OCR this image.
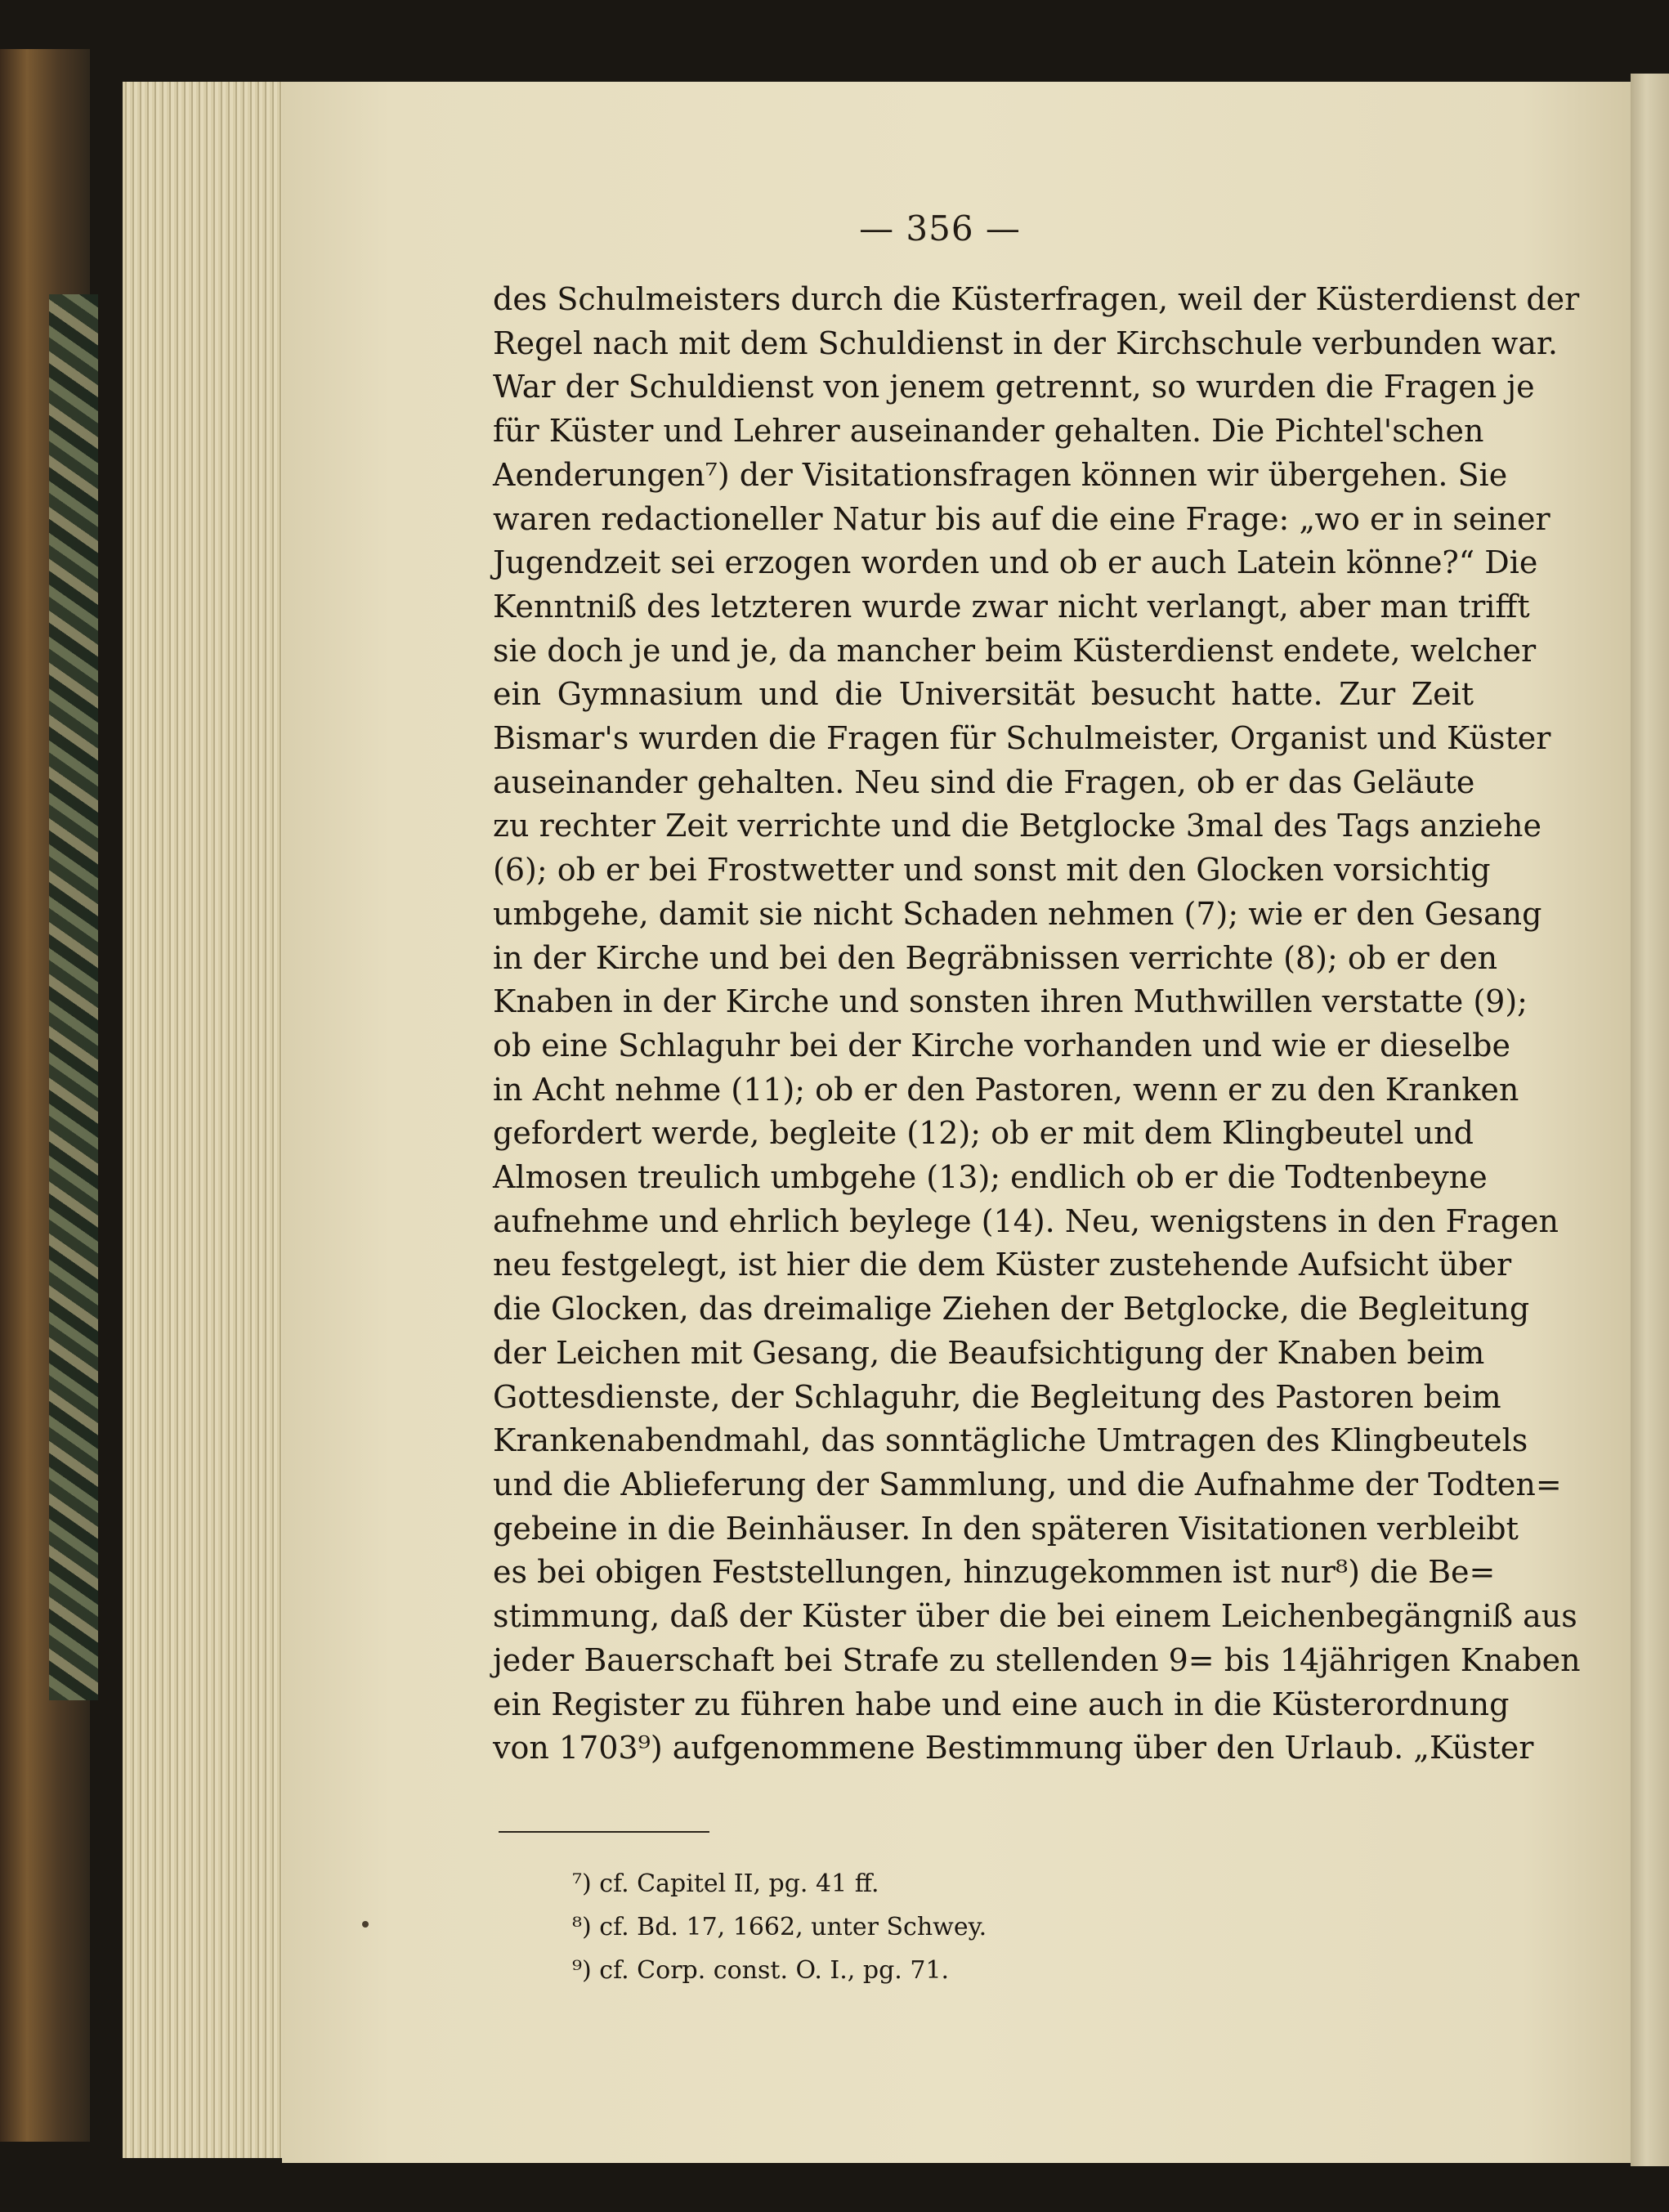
— 356 —
des Schulmeisters durch die Küsterfragen, weil der Küsterdienst der
Regel nach mit dem Schuldienst in der Kirchschule verbunden war.
War der Schuldienst von jenem getrennt, so wurden die Fragen je
für Küster und Lehrer auseinander gehalten. Die Pichtel'schen
Aenderungen⁷) der Visitationsfragen können wir übergehen. Sie
waren redactioneller Natur bis auf die eine Frage: „wo er in seiner
Jugendzeit sei erzogen worden und ob er auch Latein könne?“ Die
Kenntniß des letzteren wurde zwar nicht verlangt, aber man trifft
sie doch je und je, da mancher beim Küsterdienst endete, welcher
ein Gymnasium und die Universität besucht hatte. Zur Zeit
Bismar's wurden die Fragen für Schulmeister, Organist und Küster
auseinander gehalten. Neu sind die Fragen, ob er das Geläute
zu rechter Zeit verrichte und die Betglocke 3mal des Tags anziehe
(6); ob er bei Frostwetter und sonst mit den Glocken vorsichtig
umbgehe, damit sie nicht Schaden nehmen (7); wie er den Gesang
in der Kirche und bei den Begräbnissen verrichte (8); ob er den
Knaben in der Kirche und sonsten ihren Muthwillen verstatte (9);
ob eine Schlaguhr bei der Kirche vorhanden und wie er dieselbe
in Acht nehme (11); ob er den Pastoren, wenn er zu den Kranken
gefordert werde, begleite (12); ob er mit dem Klingbeutel und
Almosen treulich umbgehe (13); endlich ob er die Todtenbeyne
aufnehme und ehrlich beylege (14). Neu, wenigstens in den Fragen
neu festgelegt, ist hier die dem Küster zustehende Aufsicht über
die Glocken, das dreimalige Ziehen der Betglocke, die Begleitung
der Leichen mit Gesang, die Beaufsichtigung der Knaben beim
Gottesdienste, der Schlaguhr, die Begleitung des Pastoren beim
Krankenabendmahl, das sonntägliche Umtragen des Klingbeutels
und die Ablieferung der Sammlung, und die Aufnahme der Todten=
gebeine in die Beinhäuser. In den späteren Visitationen verbleibt
es bei obigen Feststellungen, hinzugekommen ist nur⁸) die Be=
stimmung, daß der Küster über die bei einem Leichenbegängniß aus
jeder Bauerschaft bei Strafe zu stellenden 9= bis 14jährigen Knaben
ein Register zu führen habe und eine auch in die Küsterordnung
von 1703⁹) aufgenommene Bestimmung über den Urlaub. „Küster
⁷) cf. Capitel II, pg. 41 ff.
⁸) cf. Bd. 17, 1662, unter Schwey.
⁹) cf. Corp. const. O. I., pg. 71.
